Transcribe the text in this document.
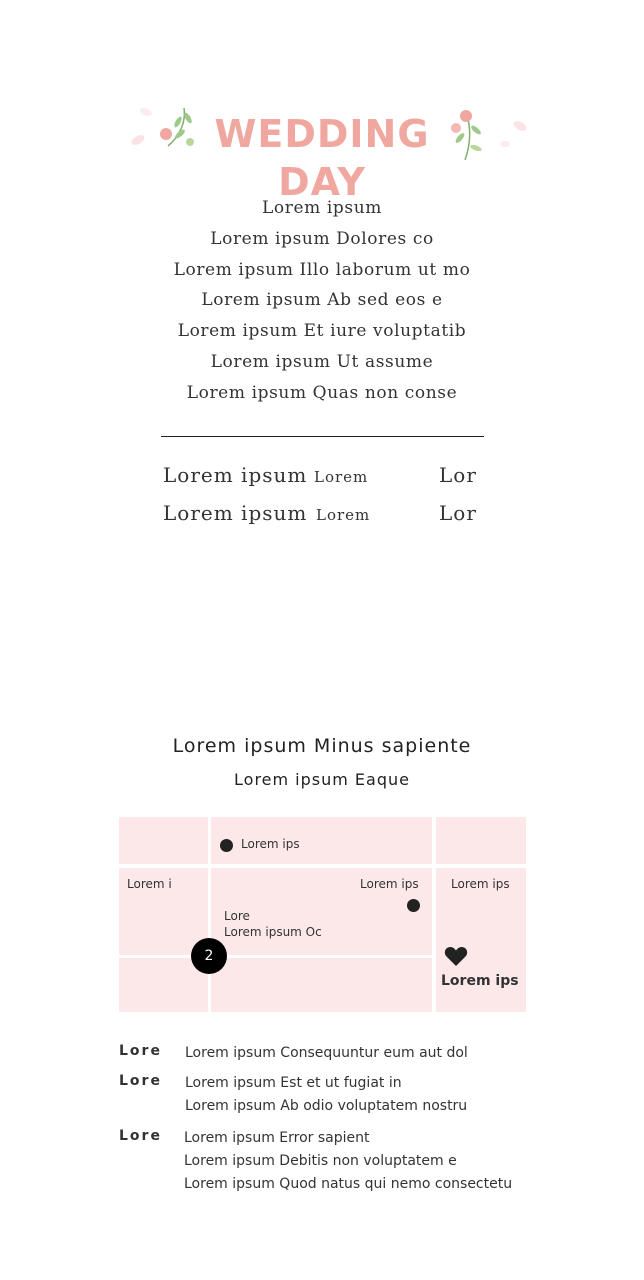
WEDDING DAY
Lorem ipsum
Lorem ipsum Dolores co
Lorem ipsum Illo laborum ut mo
Lorem ipsum Ab sed eos e
Lorem ipsum Et iure voluptatib
Lorem ipsum Ut assume
Lorem ipsum Quas non conse
Lorem ipsum Lorem	Lor
Lorem ipsum Lorem	Lor
Lorem ipsum Minus sapiente
Lorem ipsum Eaque
Lorem ips
Lorem i	Lorem ips	Lorem ips
Lore
Lorem ipsum Oc
2
Lorem ips
Lore Lorem ipsum Consequuntur eum aut dol
Lore Lorem ipsum Est et ut fugiat in
Lorem ipsum Ab odio voluptatem nostru
Lore Lorem ipsum Error sapient
Lorem ipsum Debitis non voluptatem e
Lorem ipsum Quod natus qui nemo consectetu
